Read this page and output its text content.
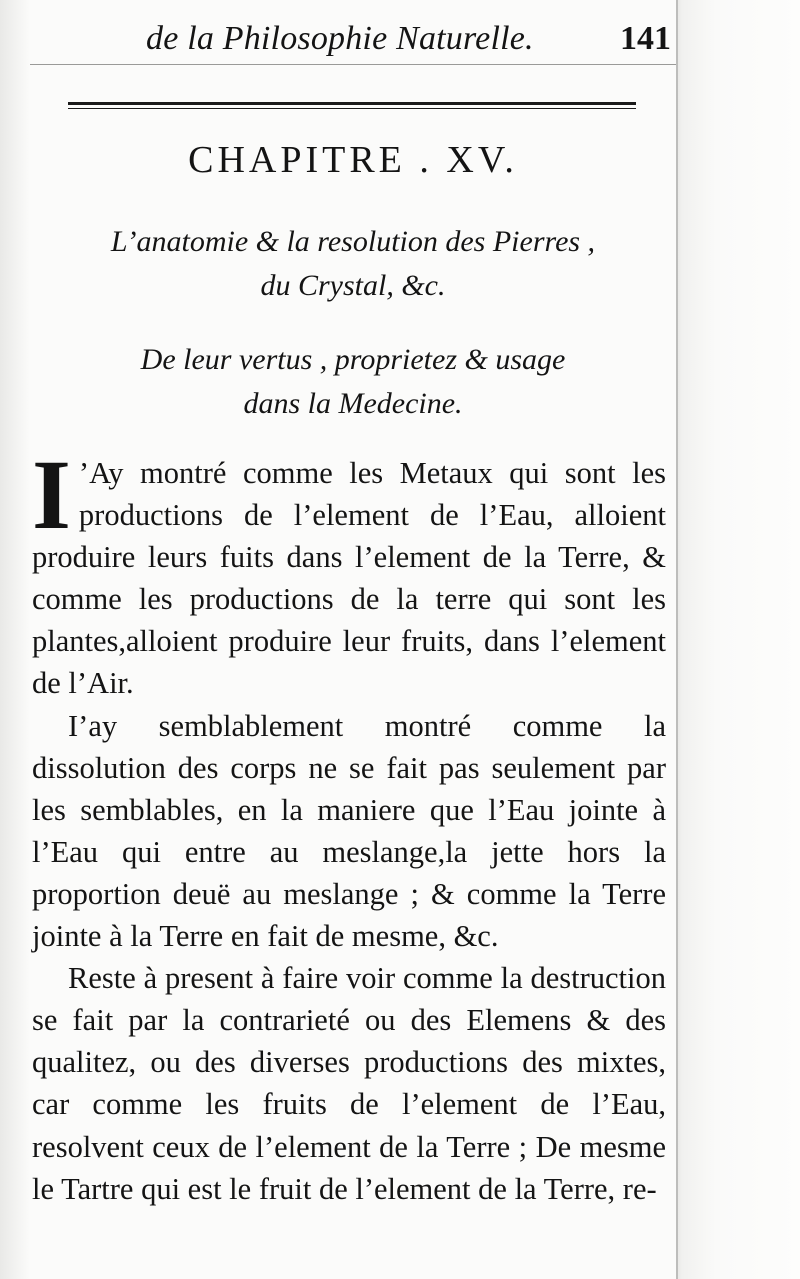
de la Philosophie Naturelle.	141
CHAPITRE . XV.
L’anatomie & la resolution des Pierres ,
du Crystal, &c.
De leur vertus , proprietez & usage
dans la Medecine.

I ’Ay montré comme les Metaux qui sont les productions de l’element de l’Eau, alloient produire leurs fuits dans l’element de la Terre, & comme les productions de la terre qui sont les plantes,alloient produire leur fruits, dans l’element de l’Air.

I’ay semblablement montré comme la dissolution des corps ne se fait pas seulement par les semblables, en la maniere que l’Eau jointe à l’Eau qui entre au meslange,la jette hors la proportion deuë au meslange ; & comme la Terre jointe à la Terre en fait de mesme, &c.

Reste à present à faire voir comme la destruction se fait par la contrarieté ou des Elemens & des qualitez, ou des diverses productions des mixtes, car comme les fruits de l’element de l’Eau, resolvent ceux de l’element de la Terre ; De mesme le Tartre qui est le fruit de l’element de la Terre, re-
